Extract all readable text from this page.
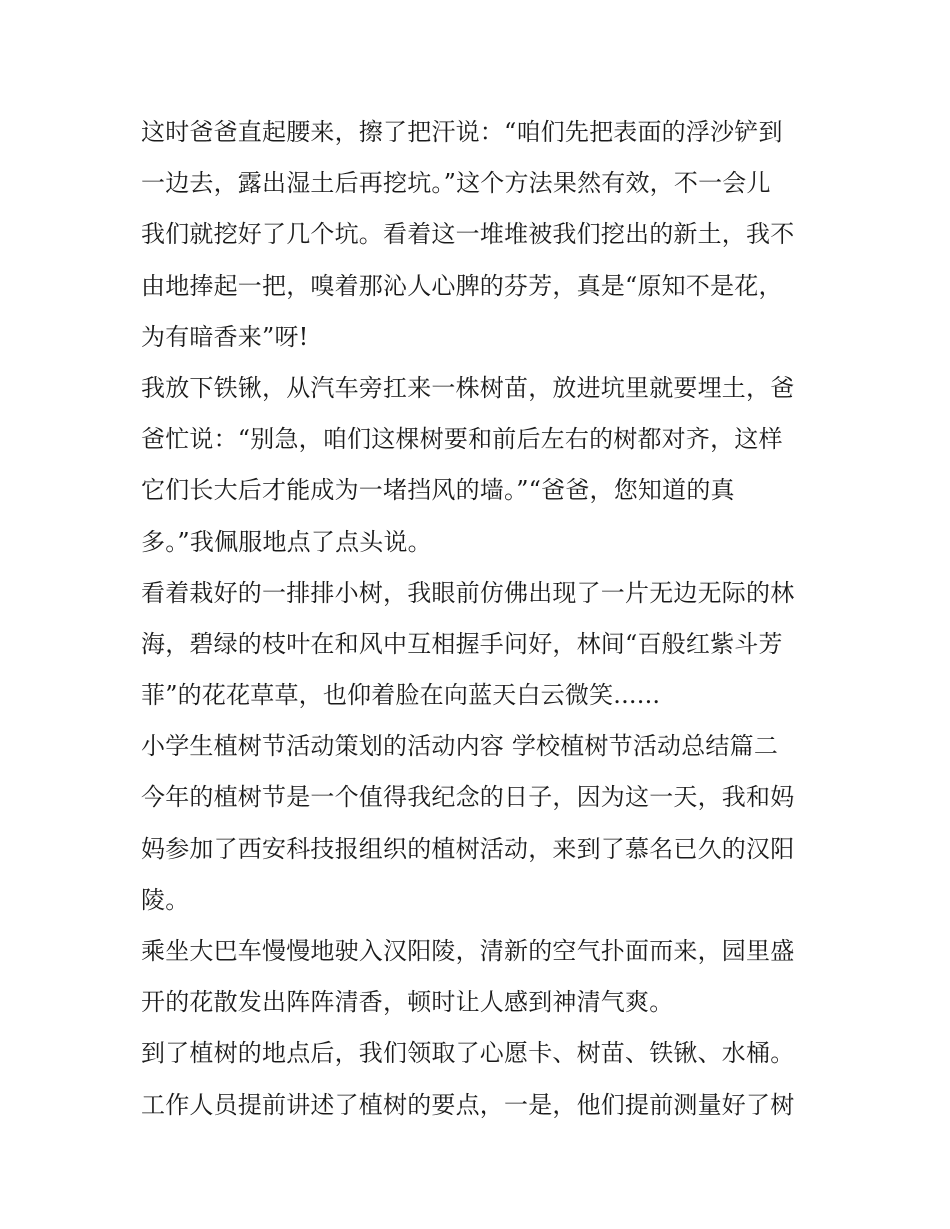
这时爸爸直起腰来，擦了把汗说：“咱们先把表面的浮沙铲到
一边去，露出湿土后再挖坑。”这个方法果然有效，不一会儿
我们就挖好了几个坑。看着这一堆堆被我们挖出的新土，我不
由地捧起一把，嗅着那沁人心脾的芬芳，真是“原知不是花，
为有暗香来”呀!
我放下铁锹，从汽车旁扛来一株树苗，放进坑里就要埋土，爸
爸忙说：“别急，咱们这棵树要和前后左右的树都对齐，这样
它们长大后才能成为一堵挡风的墙。”“爸爸，您知道的真
多。”我佩服地点了点头说。
看着栽好的一排排小树，我眼前仿佛出现了一片无边无际的林
海，碧绿的枝叶在和风中互相握手问好，林间“百般红紫斗芳
菲”的花花草草，也仰着脸在向蓝天白云微笑......
小学生植树节活动策划的活动内容 学校植树节活动总结篇二
今年的植树节是一个值得我纪念的日子，因为这一天，我和妈
妈参加了西安科技报组织的植树活动，来到了慕名已久的汉阳
陵。
乘坐大巴车慢慢地驶入汉阳陵，清新的空气扑面而来，园里盛
开的花散发出阵阵清香，顿时让人感到神清气爽。
到了植树的地点后，我们领取了心愿卡、树苗、铁锹、水桶。
工作人员提前讲述了植树的要点，一是，他们提前测量好了树
